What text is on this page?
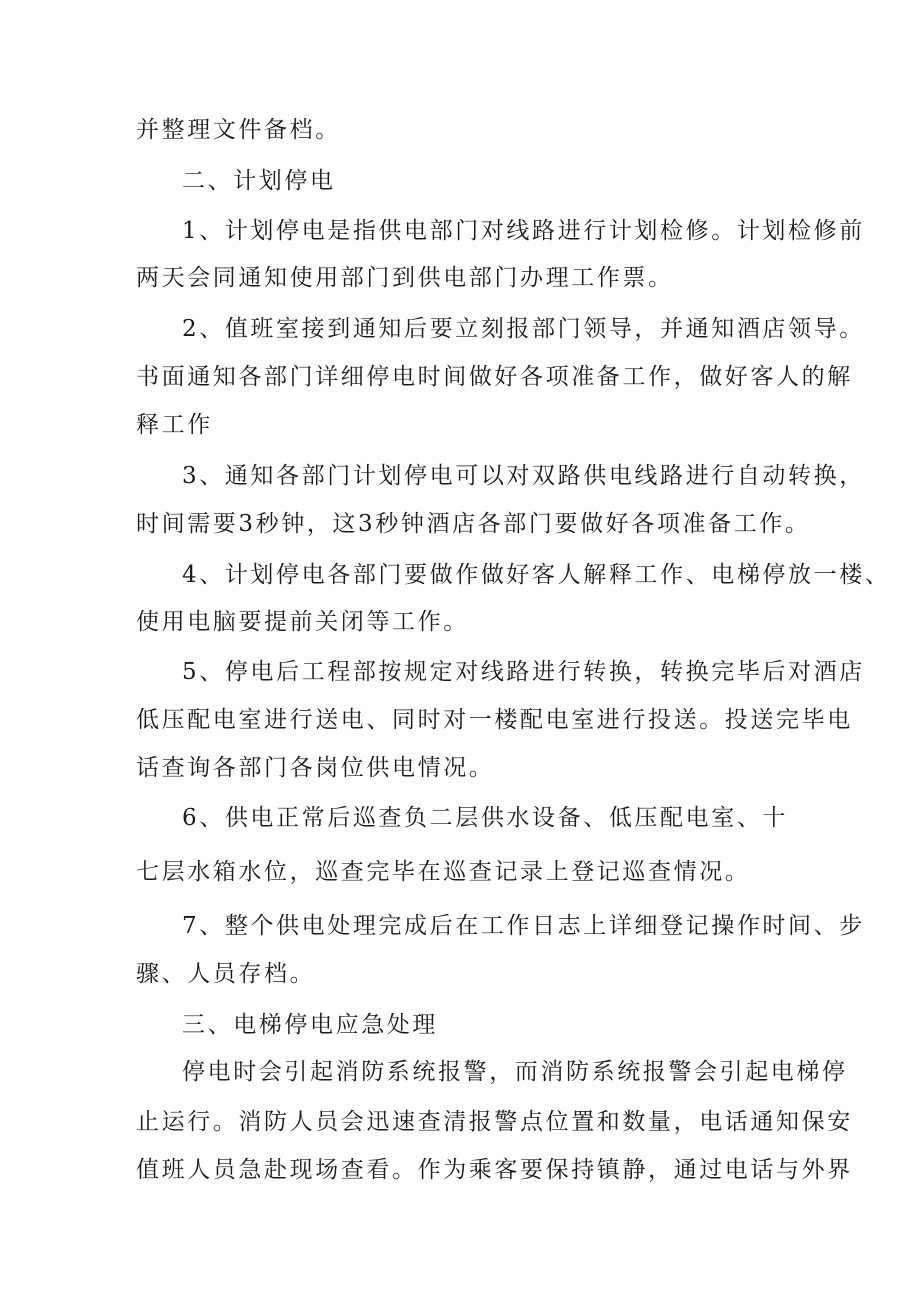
并整理文件备档。
二、计划停电
1、计划停电是指供电部门对线路进行计划检修。计划检修前
两天会同通知使用部门到供电部门办理工作票。
2、值班室接到通知后要立刻报部门领导，并通知酒店领导。
书面通知各部门详细停电时间做好各项准备工作，做好客人的解
释工作
3、通知各部门计划停电可以对双路供电线路进行自动转换，
时间需要3秒钟，这3秒钟酒店各部门要做好各项准备工作。
4、计划停电各部门要做作做好客人解释工作、电梯停放一楼、
使用电脑要提前关闭等工作。
5、停电后工程部按规定对线路进行转换，转换完毕后对酒店
低压配电室进行送电、同时对一楼配电室进行投送。投送完毕电
话查询各部门各岗位供电情况。
6、供电正常后巡查负二层供水设备、低压配电室、十
七层水箱水位，巡查完毕在巡查记录上登记巡查情况。
7、整个供电处理完成后在工作日志上详细登记操作时间、步
骤、人员存档。
三、电梯停电应急处理
停电时会引起消防系统报警，而消防系统报警会引起电梯停
止运行。消防人员会迅速查清报警点位置和数量，电话通知保安
值班人员急赴现场查看。作为乘客要保持镇静，通过电话与外界
